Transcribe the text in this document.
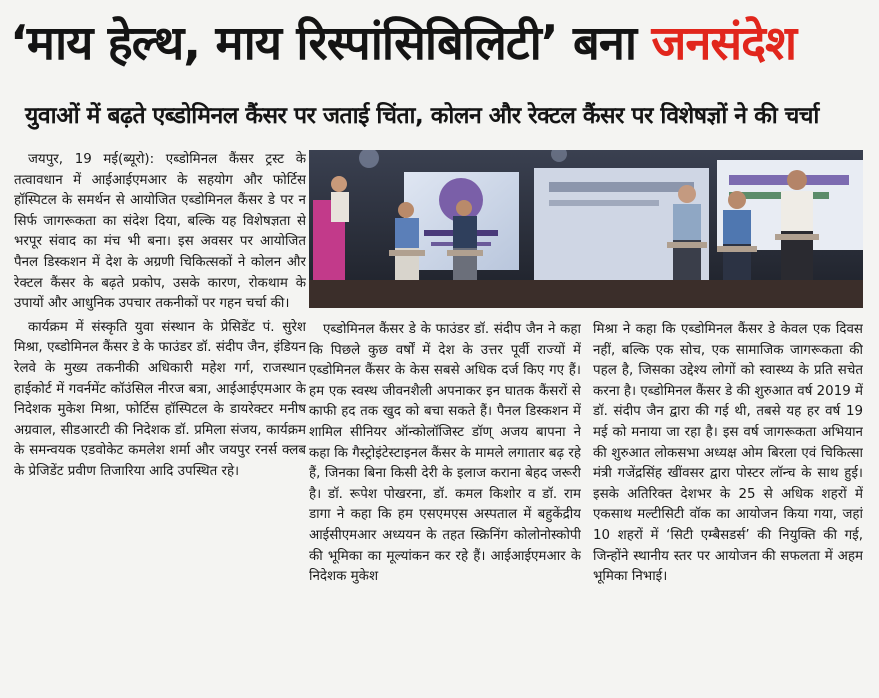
‘माय हेल्थ, माय रिस्पांसिबिलिटी’ बना जनसंदेश
युवाओं में बढ़ते एब्डोमिनल कैंसर पर जताई चिंता, कोलन और रेक्टल कैंसर पर विशेषज्ञों ने की चर्चा

जयपुर, 19 मई(ब्यूरो): एब्डोमिनल कैंसर ट्रस्ट के तत्वावधान में आईआईएमआर के सहयोग और फोर्टिस हॉस्पिटल के समर्थन से आयोजित एब्डोमिनल कैंसर डे पर न सिर्फ जागरूकता का संदेश दिया, बल्कि यह विशेषज्ञता से भरपूर संवाद का मंच भी बना। इस अवसर पर आयोजित पैनल डिस्कशन में देश के अग्रणी चिकित्सकों ने कोलन और रेक्टल कैंसर के बढ़ते प्रकोप, उसके कारण, रोकथाम के उपायों और आधुनिक उपचार तकनीकों पर गहन चर्चा की।

कार्यक्रम में संस्कृति युवा संस्थान के प्रेसिडेंट पं. सुरेश मिश्रा, एब्डोमिनल कैंसर डे के फाउंडर डॉ. संदीप जैन, इंडियन रेलवे के मुख्य तकनीकी अधिकारी महेश गर्ग, राजस्थान हाईकोर्ट में गवर्नमेंट कॉउंसिल नीरज बत्रा, आईआईएमआर के निदेशक मुकेश मिश्रा, फोर्टिस हॉस्पिटल के डायरेक्टर मनीष अग्रवाल, सीडआरटी की निदेशक डॉ. प्रमिला संजय, कार्यक्रम के समन्वयक एडवोकेट कमलेश शर्मा और जयपुर रनर्स क्लब के प्रेजिडेंट प्रवीण तिजारिया आदि उपस्थित रहे।

एब्डोमिनल कैंसर डे के फाउंडर डॉ. संदीप जैन ने कहा कि पिछले कुछ वर्षों में देश के उत्तर पूर्वी राज्यों में एब्डोमिनल कैंसर के केस सबसे अधिक दर्ज किए गए हैं। हम एक स्वस्थ जीवनशैली अपनाकर इन घातक कैंसरों से काफी हद तक खुद को बचा सकते हैं। पैनल डिस्कशन में शामिल सीनियर ऑन्कोलॉजिस्ट डॉण् अजय बापना ने कहा कि गैस्ट्रोइंटेस्टाइनल कैंसर के मामले लगातार बढ़ रहे हैं, जिनका बिना किसी देरी के इलाज कराना बेहद जरूरी है। डॉ. रूपेश पोखरना, डॉ. कमल किशोर व डॉ. राम डागा ने कहा कि हम एसएमएस अस्पताल में बहुकेंद्रीय आईसीएमआर अध्ययन के तहत स्क्रिनिंग कोलोनोस्कोपी की भूमिका का मूल्यांकन कर रहे हैं। आईआईएमआर के निदेशक मुकेश

मिश्रा ने कहा कि एब्डोमिनल कैंसर डे केवल एक दिवस नहीं, बल्कि एक सोच, एक सामाजिक जागरूकता की पहल है, जिसका उद्देश्य लोगों को स्वास्थ्य के प्रति सचेत करना है। एब्डोमिनल कैंसर डे की शुरुआत वर्ष 2019 में डॉ. संदीप जैन द्वारा की गई थी, तबसे यह हर वर्ष 19 मई को मनाया जा रहा है। इस वर्ष जागरूकता अभियान की शुरुआत लोकसभा अध्यक्ष ओम बिरला एवं चिकित्सा मंत्री गजेंद्रसिंह खींवसर द्वारा पोस्टर लॉन्च के साथ हुई। इसके अतिरिक्त देशभर के 25 से अधिक शहरों में एकसाथ मल्टीसिटी वॉक का आयोजन किया गया, जहां 10 शहरों में ‘सिटी एम्बैसडर्स’ की नियुक्ति की गई, जिन्होंने स्थानीय स्तर पर आयोजन की सफलता में अहम भूमिका निभाई।
